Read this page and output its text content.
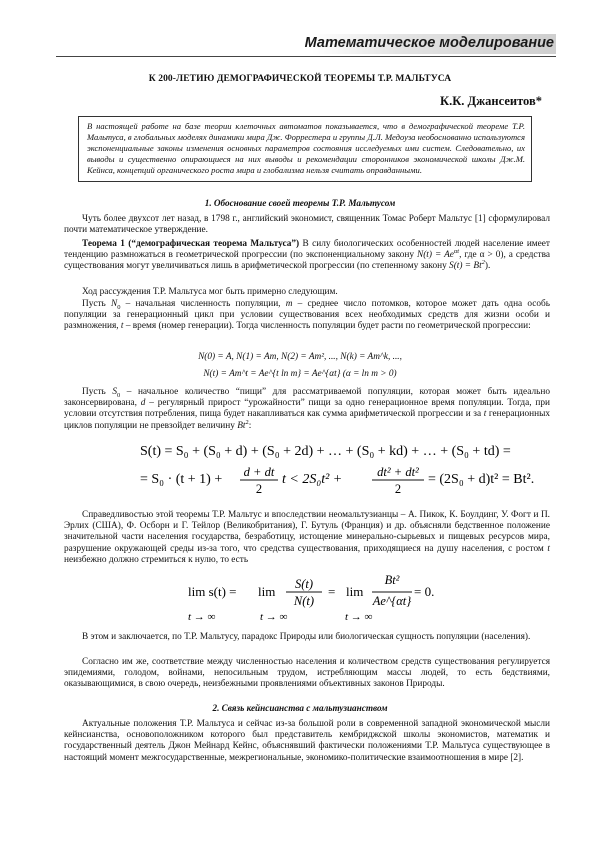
Математическое моделирование
К 200-ЛЕТИЮ ДЕМОГРАФИЧЕСКОЙ ТЕОРЕМЫ Т.Р. МАЛЬТУСА
К.К. Джансеитов*
В настоящей работе на базе теории клеточных автоматов показывается, что в демографической теореме Т.Р. Мальтуса, в глобальных моделях динамики мира Дж. Форрестера и группы Д.Л. Медоуза необоснованно используются экспоненциальные законы изменения основных параметров состояния исследуемых ими систем. Следовательно, их выводы и существенно опирающиеся на них выводы и рекомендации сторонников экономической школы Дж.М. Кейнса, концепций органического роста мира и глобализма нельзя считать оправданными.
1. Обоснование своей теоремы Т.Р. Мальтусом

Чуть более двухсот лет назад, в 1798 г., английский экономист, священник Томас Роберт Мальтус [1] сформулировал почти математическое утверждение.

Теорема 1 (“демографическая теорема Мальтуса”) В силу биологических особенностей людей население имеет тенденцию размножаться в геометрической прогрессии (по экспоненциальному закону $N(t) = Ae^{\alpha t}$, где α > 0), а средства существования могут увеличиваться лишь в арифметической прогрессии (по степенному закону $S(t) = Bt^2$).

Ход рассуждения Т.Р. Мальтуса мог быть примерно следующим.

Пусть $N_0$ – начальная численность популяции, m – среднее число потомков, которое может дать одна особь популяции за генерационный цикл при условии существования всех необходимых средств для жизни особи и размножения, t – время (номер генерации). Тогда численность популяции будет расти по геометрической прогрессии:

N(0) = A, N(1) = Am, N(2) = Am², ..., N(k) = Am^k, ...,
N(t) = Am^t = Ae^{t ln m} = Ae^{αt} (α = ln m > 0)

Пусть $S_0$ – начальное количество “пищи” для рассматриваемой популяции, которая может быть идеально законсервирована, d – регулярный прирост “урожайности” пищи за одно генерационное время популяции. Тогда, при условии отсутствия потребления, пища будет накапливаться как сумма арифметической прогрессии и за t генерационных циклов популяции не превзойдет величину Bt$^2$:

S(t) = S₀ + (S₀ + d) + (S₀ + 2d) + … + (S₀ + kd) + … + (S₀ + td) =
= S₀ · (t + 1) + d + dt
2
t < 2S₀t² +	dt² + dt²
2
= (2S₀ + d)t² = Bt².

Справедливостью этой теоремы Т.Р. Мальтус и впоследствии неомальтузианцы – А. Пикок, К. Боулдинг, У. Фогт и П. Эрлих (США), Ф. Осборн и Г. Тейлор (Великобритания), Г. Бутуль (Франция) и др. объясняли бедственное положение значительной части населения государства, безработицу, истощение минерально-сырьевых и пищевых ресурсов мира, разрушение окружающей среды из-за того, что средства существования, приходящиеся на душу населения, с ростом t неизбежно должно стремиться к нулю, то есть

lim s(t) = lim S(t)
N(t)
= lim
Bt²
Ae^{αt}
= 0.
t → ∞	t → ∞	t → ∞

В этом и заключается, по Т.Р. Мальтусу, парадокс Природы или биологическая сущность популяции (населения).

Согласно им же, соответствие между численностью населения и количеством средств существования регулируется эпидемиями, голодом, войнами, непосильным трудом, истребляющим массы людей, то есть бедствиями, оказывающимися, в свою очередь, неизбежными проявлениями объективных законов Природы.

2. Связь кейнсианства с мальтузианством

Актуальные положения Т.Р. Мальтуса и сейчас из-за большой роли в современной западной экономической мысли кейнсианства, основоположником которого был представитель кембриджской школы экономистов, математик и государственный деятель Джон Мейнард Кейнс, объяснявший фактически положениями Т.Р. Мальтуса существующее в настоящий момент межгосударственные, межрегиональные, экономико-политические взаимоотношения в мире [2].
